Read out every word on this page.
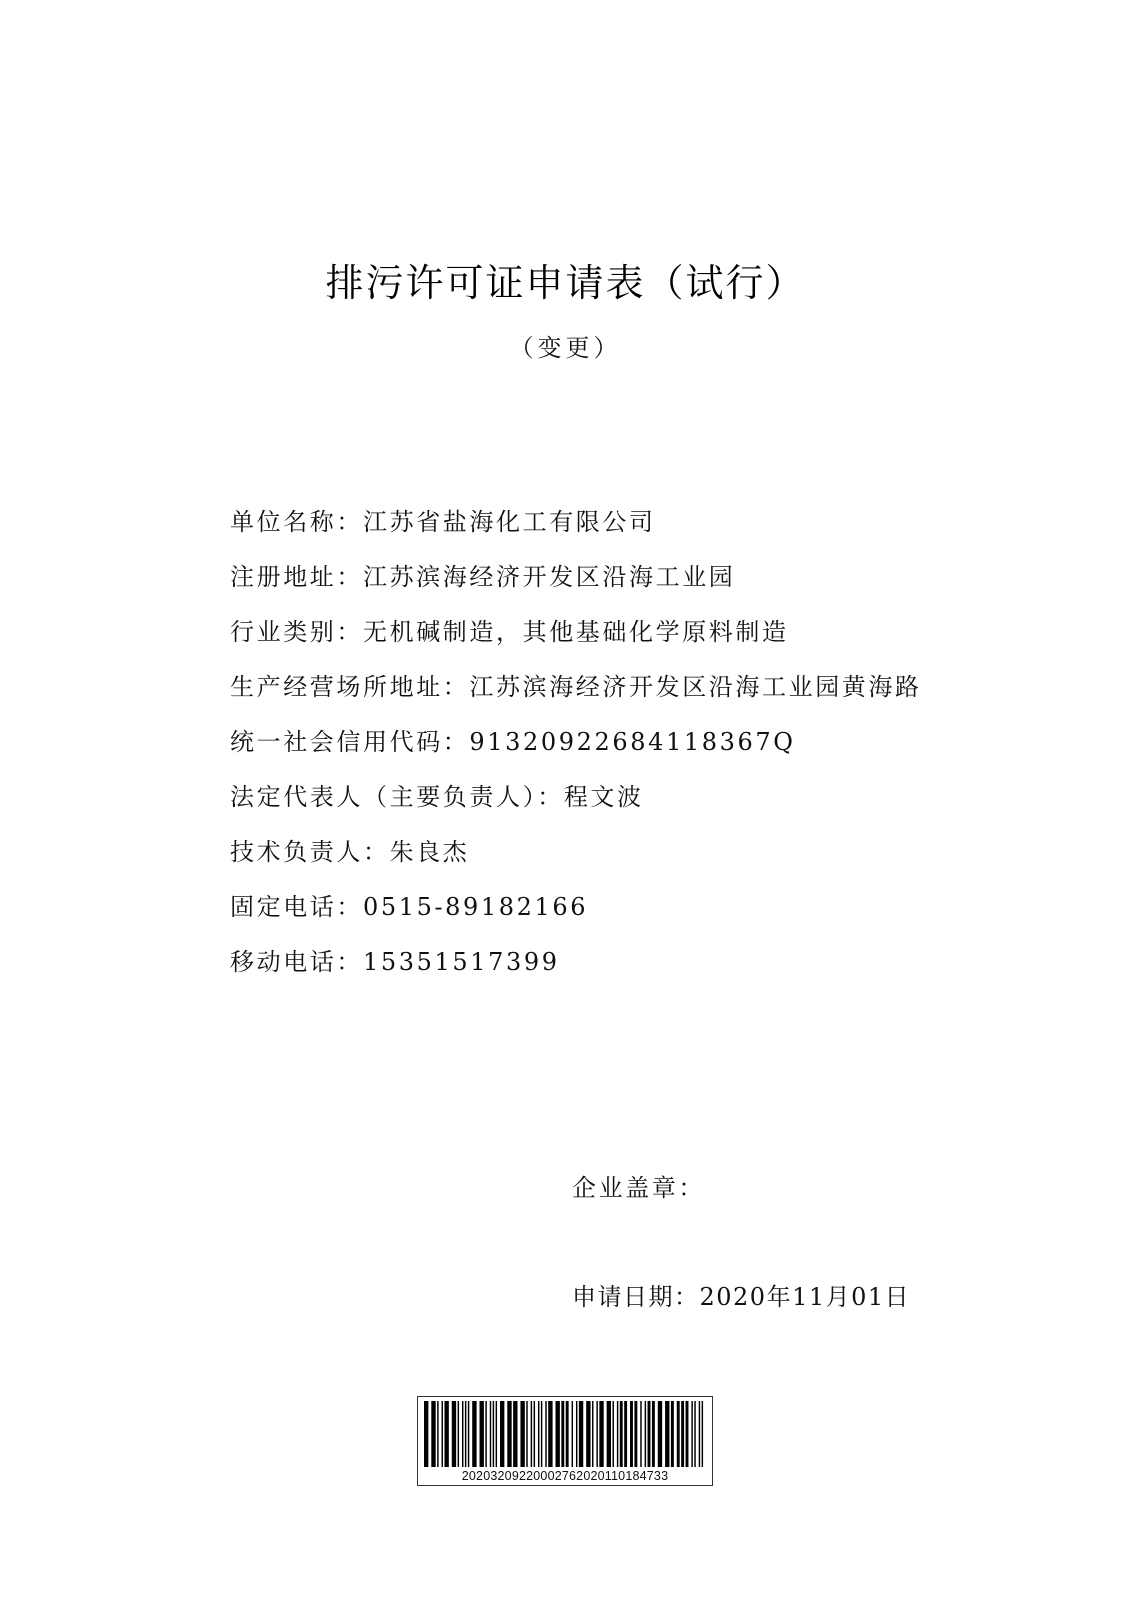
排污许可证申请表（试行）
（变更）
单位名称：江苏省盐海化工有限公司
注册地址：江苏滨海经济开发区沿海工业园
行业类别：无机碱制造，其他基础化学原料制造
生产经营场所地址：江苏滨海经济开发区沿海工业园黄海路
统一社会信用代码：91320922684118367Q
法定代表人（主要负责人）：程文波
技术负责人：朱良杰
固定电话：0515-89182166
移动电话：15351517399
企业盖章：
申请日期：2020年11月01日
20203209220002762020110184733
